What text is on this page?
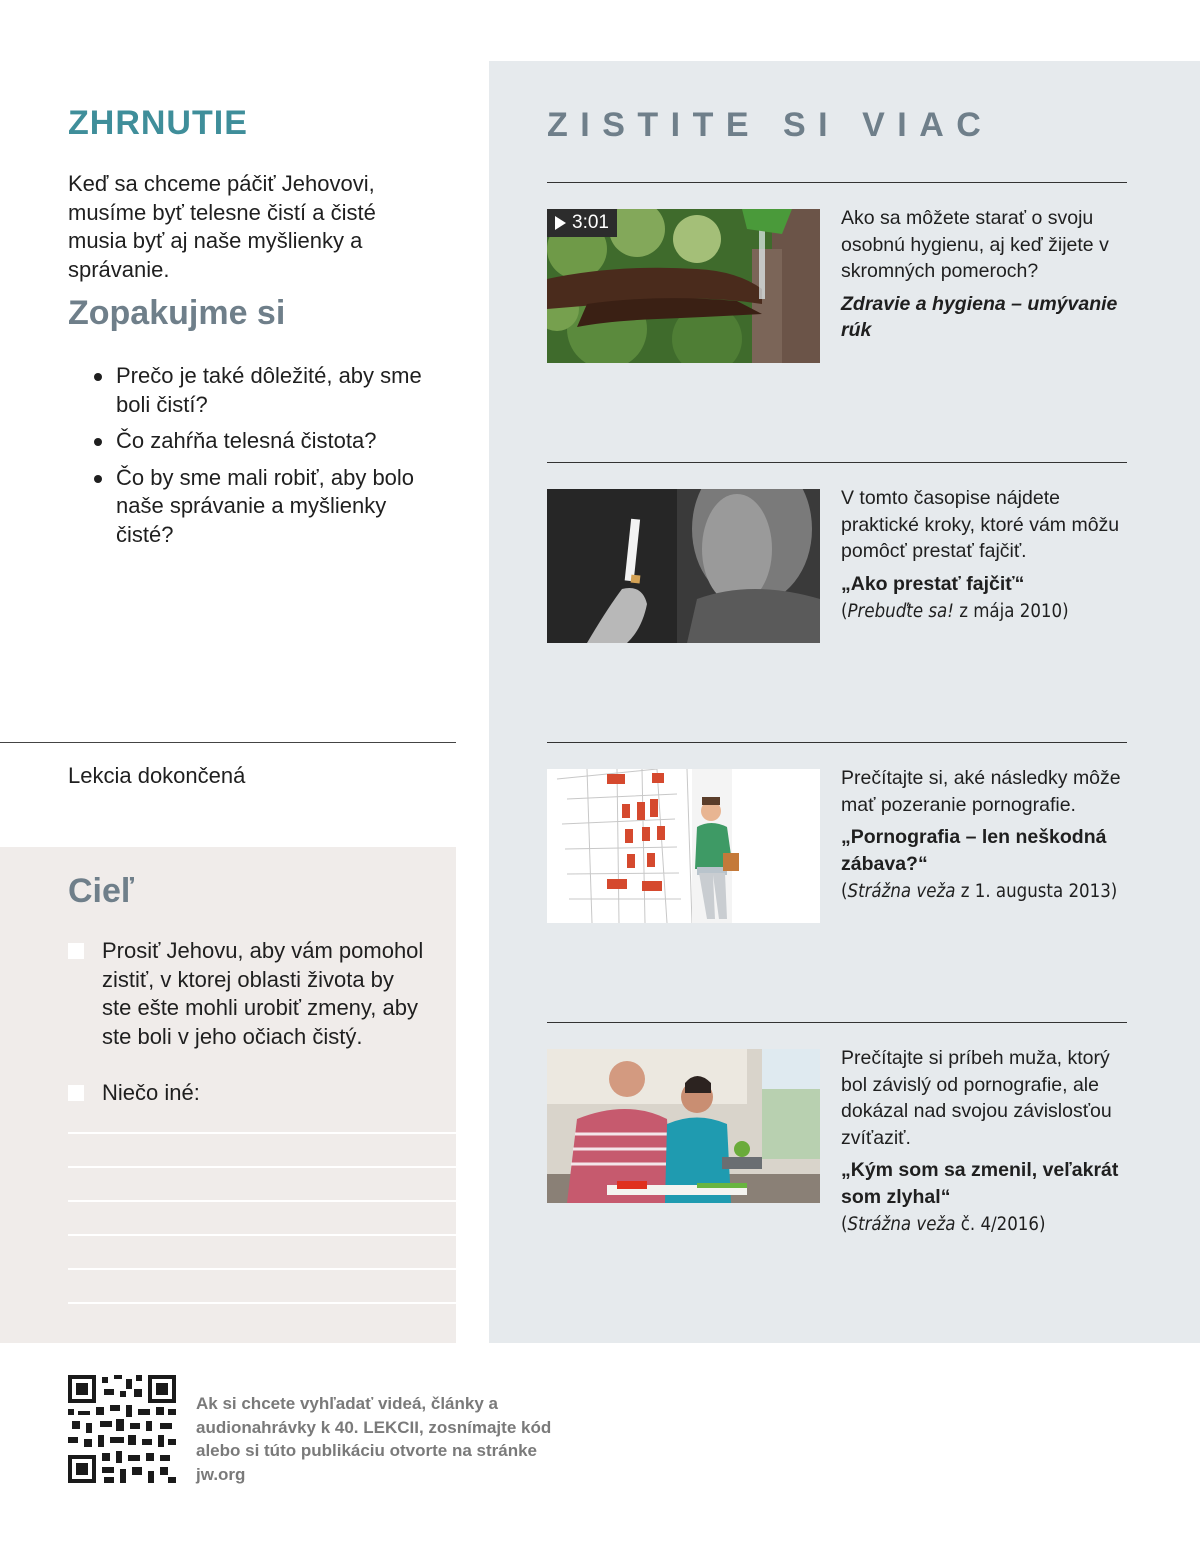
ZHRNUTIE

Keď sa chceme páčiť Jehovovi, musíme byť telesne čistí a čisté musia byť aj naše myšlienky a správanie.

Zopakujme si
Prečo je také dôležité, aby sme boli čistí?
Čo zahŕňa telesná čistota?
Čo by sme mali robiť, aby bolo naše správanie a myšlienky čisté?
Lekcia dokončená
Cieľ
Prosiť Jehovu, aby vám pomohol zistiť, v ktorej oblasti života by ste ešte mohli urobiť zmeny, aby ste boli v jeho očiach čistý.
Niečo iné:
ZISTITE SI VIAC
3:01	Ako sa môžete starať o svoju osobnú hygienu, aj keď žijete v skromných pomeroch?

Zdravie a hygiena – umývanie rúk

V tomto časopise nájdete praktické kroky, ktoré vám môžu pomôcť prestať fajčiť.

„Ako prestať fajčiť“

(Prebuďte sa! z mája 2010)

Prečítajte si, aké následky môže mať pozeranie pornografie.

„Pornografia – len neškodná zábava?“

(Strážna veža z 1. augusta 2013)

Prečítajte si príbeh muža, ktorý bol závislý od pornografie, ale dokázal nad svojou závislosťou zvíťaziť.

„Kým som sa zmenil, veľakrát som zlyhal“

(Strážna veža č. 4/2016)

Ak si chcete vyhľadať videá, články a audionahrávky k 40. LEKCII, zosnímajte kód alebo si túto publikáciu otvorte na stránke jw.org
